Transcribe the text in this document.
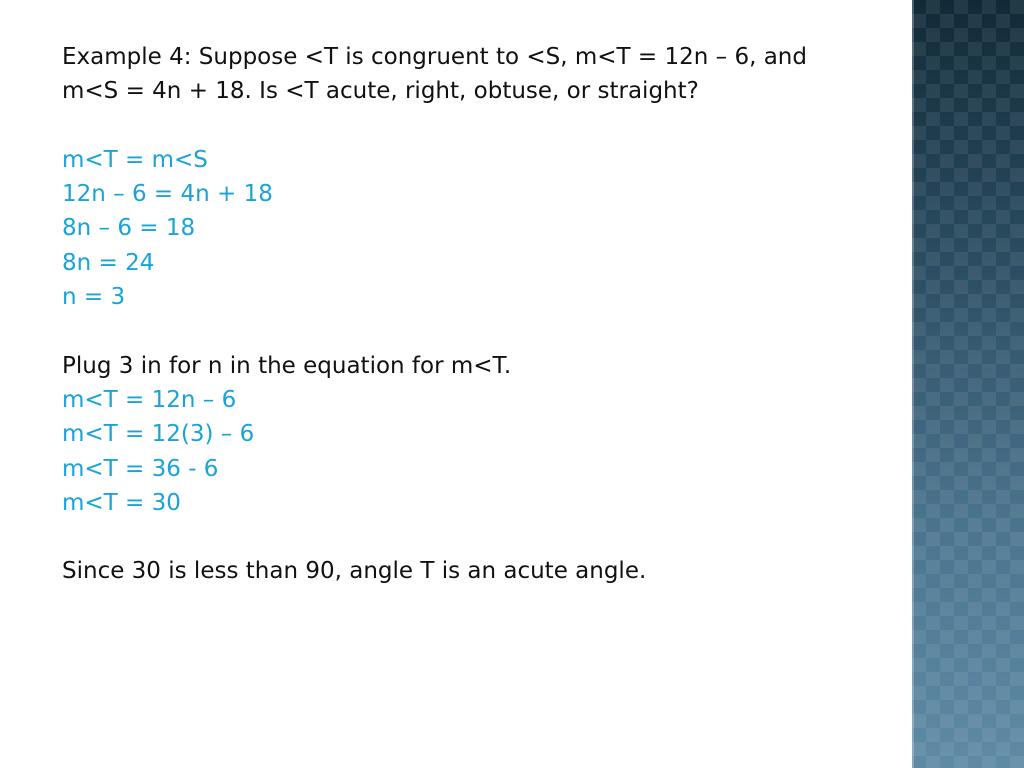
Example 4: Suppose <T is congruent to <S, m<T = 12n – 6, and
m<S = 4n + 18. Is <T acute, right, obtuse, or straight?
m<T = m<S
12n – 6 = 4n + 18
8n – 6 = 18
8n = 24
n = 3
Plug 3 in for n in the equation for m<T.
m<T = 12n – 6
m<T = 12(3) – 6
m<T = 36 - 6
m<T = 30
Since 30 is less than 90, angle T is an acute angle.
